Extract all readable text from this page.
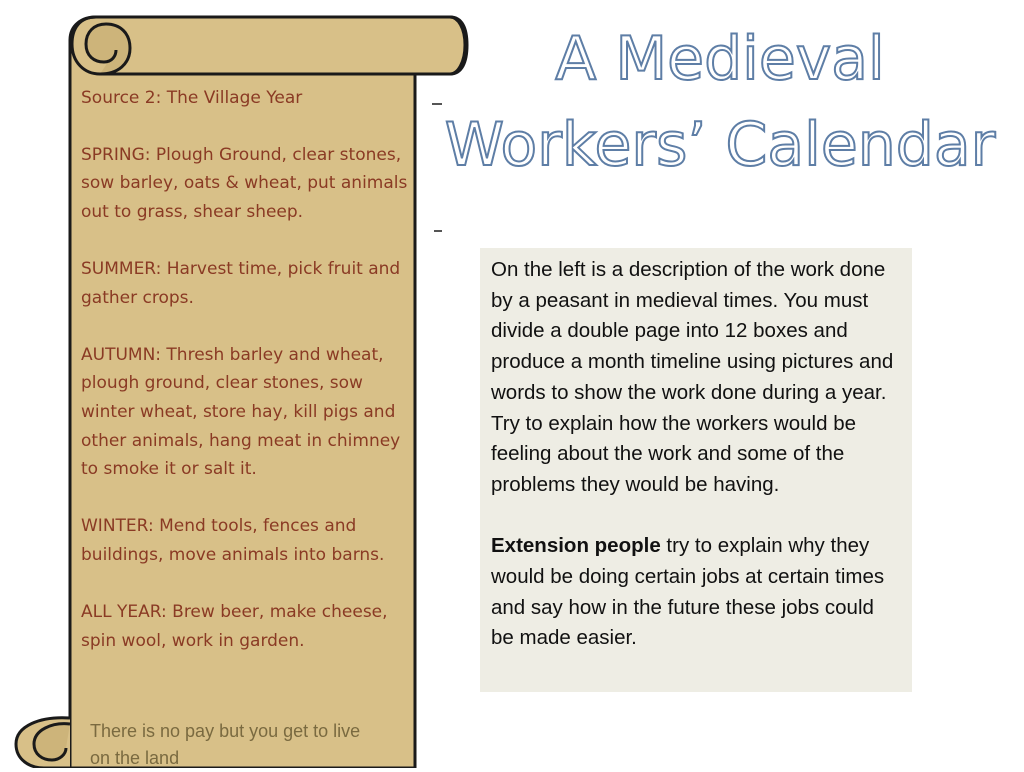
Source 2: The Village Year
SPRING: Plough Ground, clear stones, sow barley, oats & wheat, put animals out to grass, shear sheep.
SUMMER: Harvest time, pick fruit and gather crops.
AUTUMN: Thresh barley and wheat, plough ground, clear stones, sow winter wheat, store hay, kill pigs and other animals, hang meat in chimney to smoke it or salt it.
WINTER: Mend tools, fences and buildings, move animals into barns.
ALL YEAR: Brew beer, make cheese, spin wool, work in garden.
There is no pay but you get to live on the land
A Medieval
Workers’ Calendar

On the left is a description of the work done by a peasant in medieval times. You must divide a double page into 12 boxes and produce a month timeline using pictures and words to show the work done during a year.

Try to explain how the workers would be feeling about the work and some of the problems they would be having.

Extension people try to explain why they would be doing certain jobs at certain times and say how in the future these jobs could be made easier.
